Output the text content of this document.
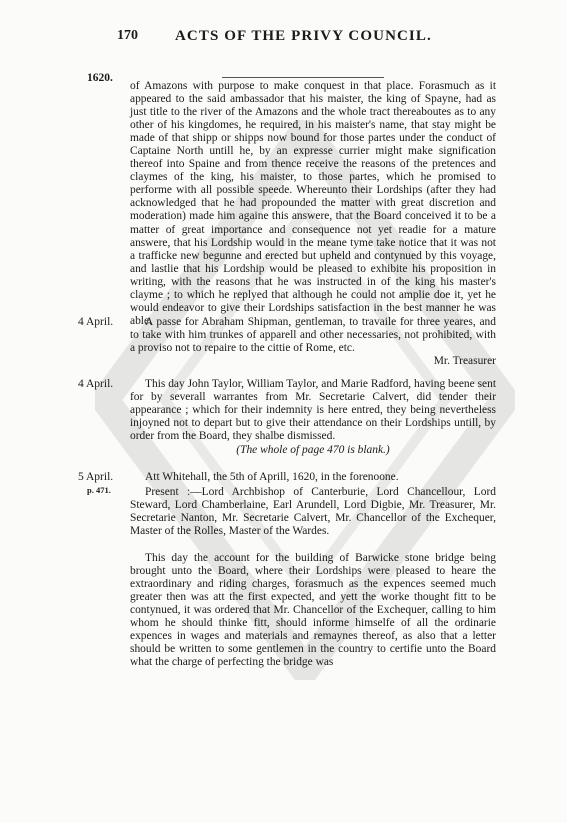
170 ACTS OF THE PRIVY COUNCIL.
1620.

of Amazons with purpose to make conquest in that place. Forasmuch as it appeared to the said ambassador that his maister, the king of Spayne, had as just title to the river of the Amazons and the whole tract thereaboutes as to any other of his kingdomes, he required, in his maister's name, that stay might be made of that shipp or shipps now bound for those partes under the conduct of Captaine North untill he, by an expresse currier might make signification thereof into Spaine and from thence receive the reasons of the pretences and claymes of the king, his maister, to those partes, which he promised to performe with all possible speede. Whereunto their Lordships (after they had acknowledged that he had propounded the matter with great discretion and moderation) made him againe this answere, that the Board conceived it to be a matter of great importance and consequence not yet readie for a mature answere, that his Lordship would in the meane tyme take notice that it was not a trafficke new begunne and erected but upheld and contynued by this voyage, and lastlie that his Lordship would be pleased to exhibite his proposition in writing, with the reasons that he was instructed in of the king his master's clayme ; to which he replyed that although he could not amplie doe it, yet he would endeavor to give their Lordships satisfaction in the best manner he was able.

4 April.	A passe for Abraham Shipman, gentleman, to travaile for three yeares, and to take with him trunkes of apparell and other necessaries, not prohibited, with a proviso not to repaire to the cittie of Rome, etc.

Mr. Treasurer

4 April.	This day John Taylor, William Taylor, and Marie Radford, having beene sent for by severall warrantes from Mr. Secretarie Calvert, did tender their appearance ; which for their indemnity is here entred, they being nevertheless injoyned not to depart but to give their attendance on their Lordships untill, by order from the Board, they shalbe dismissed.

(The whole of page 470 is blank.)
5 April.
p. 471.

Att Whitehall, the 5th of Aprill, 1620, in the forenoone.

Present :—Lord Archbishop of Canterburie, Lord Chancellour, Lord Steward, Lord Chamberlaine, Earl Arundell, Lord Digbie, Mr. Treasurer, Mr. Secretarie Nanton, Mr. Secretarie Calvert, Mr. Chancellor of the Exchequer, Master of the Rolles, Master of the Wardes.

This day the account for the building of Barwicke stone bridge being brought unto the Board, where their Lordships were pleased to heare the extraordinary and riding charges, forasmuch as the expences seemed much greater then was att the first expected, and yett the worke thought fitt to be contynued, it was ordered that Mr. Chancellor of the Exchequer, calling to him whom he should thinke fitt, should informe himselfe of all the ordinarie expences in wages and materials and remaynes thereof, as also that a letter should be written to some gentlemen in the country to certifie unto the Board what the charge of perfecting the bridge was
